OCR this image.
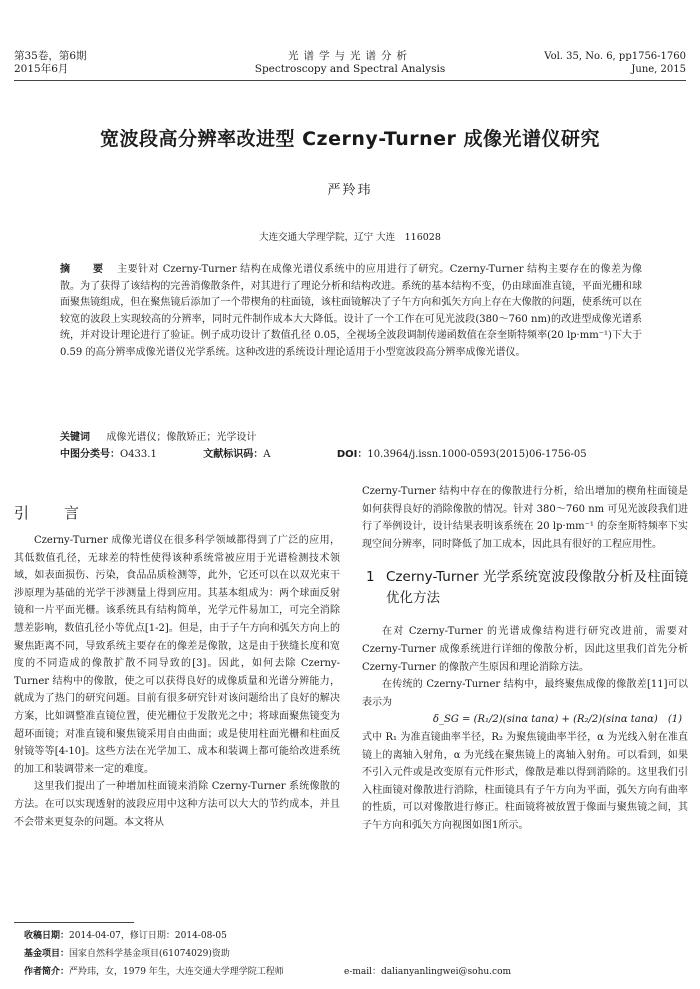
第35卷，第6期
2015年6月
光谱学与光谱分析
Spectroscopy and Spectral Analysis
Vol. 35, No. 6, pp1756-1760
June, 2015
宽波段高分辨率改进型 Czerny-Turner 成像光谱仪研究
严羚玮
大连交通大学理学院，辽宁 大连　116028
摘　要 主要针对 Czerny-Turner 结构在成像光谱仪系统中的应用进行了研究。Czerny-Turner 结构主要存在的像差为像散。为了获得了该结构的完善消像散条件，对其进行了理论分析和结构改进。系统的基本结构不变，仍由球面准直镜，平面光栅和球面聚焦镜组成，但在聚焦镜后添加了一个带楔角的柱面镜，该柱面镜解决了子午方向和弧矢方向上存在大像散的问题，使系统可以在较宽的波段上实现较高的分辨率，同时元件制作成本大大降低。设计了一个工作在可见光波段(380～760 nm)的改进型成像光谱系统，并对设计理论进行了验证。例子成功设计了数值孔径 0.05，全视场全波段调制传递函数值在奈奎斯特频率(20 lp·mm⁻¹)下大于 0.59 的高分辨率成像光谱仪光学系统。这种改进的系统设计理论适用于小型宽波段高分辨率成像光谱仪。
关键词 　 成像光谱仪；像散矫正；光学设计
中图分类号：O433.1	文献标识码：A	DOI：10.3964/j.issn.1000-0593(2015)06-1756-05
引　言

Czerny-Turner 成像光谱仪在很多科学领域都得到了广泛的应用，其低数值孔径，无球差的特性使得该种系统常被应用于光谱检测技术领域，如表面损伤、污染，食品品质检测等，此外，它还可以在以双光束干涉原理为基础的光学干涉测量上得到应用。其基本组成为：两个球面反射镜和一片平面光栅。该系统具有结构简单，光学元件易加工，可完全消除慧差影响，数值孔径小等优点[1-2]。但是，由于子午方向和弧矢方向上的聚焦距离不同，导致系统主要存在的像差是像散，这是由于狭缝长度和宽度的不同造成的像散扩散不同导致的[3]。因此，如何去除 Czerny-Turner 结构中的像散，使之可以获得良好的成像质量和光谱分辨能力，就成为了热门的研究问题。目前有很多研究针对该问题给出了良好的解决方案，比如调整准直镜位置，使光栅位于发散光之中；将球面聚焦镜变为超环面镜；对准直镜和聚焦镜采用自由曲面；或是使用柱面光栅和柱面反射镜等等[4-10]。这些方法在光学加工、成本和装调上都可能给改进系统的加工和装调带来一定的难度。

这里我们提出了一种增加柱面镜来消除 Czerny-Turner 系统像散的方法。在可以实现透射的波段应用中这种方法可以大大的节约成本，并且不会带来更复杂的问题。本文将从

Czerny-Turner 结构中存在的像散进行分析，给出增加的楔角柱面镜是如何获得良好的消除像散的情况。针对 380～760 nm 可见光波段我们进行了举例设计，设计结果表明该系统在 20 lp·mm⁻¹ 的奈奎斯特频率下实现空间分辨率，同时降低了加工成本，因此具有很好的工程应用性。

1 Czerny-Turner 光学系统宽波段像散分析及柱面镜优化方法

在对 Czerny-Turner 的光谱成像结构进行研究改进前，需要对 Czerny-Turner 成像系统进行详细的像散分析，因此这里我们首先分析 Czerny-Turner 的像散产生原因和理论消除方法。

在传统的 Czerny-Turner 结构中，最终聚焦成像的像散差[11]可以表示为

δ_SG = (R₁/2)(sinα tanα) + (R₂/2)(sinα tanα)　(1)

式中 R₁ 为准直镜曲率半径，R₂ 为聚焦镜曲率半径，α 为光线入射在准直镜上的离轴入射角，α 为光线在聚焦镜上的离轴入射角。可以看到，如果不引入元件或是改变原有元件形式，像散是难以得到消除的。这里我们引入柱面镜对像散进行消除，柱面镜具有子午方向为平面，弧矢方向有曲率的性质，可以对像散进行修正。柱面镜将被放置于像面与聚焦镜之间，其子午方向和弧矢方向视图如图1所示。

收稿日期：2014-04-07，修订日期：2014-08-05
基金项目：国家自然科学基金项目(61074029)资助
作者简介：严羚玮，女，1979 年生，大连交通大学理学院工程师	e-mail：dalianyanlingwei@sohu.com
